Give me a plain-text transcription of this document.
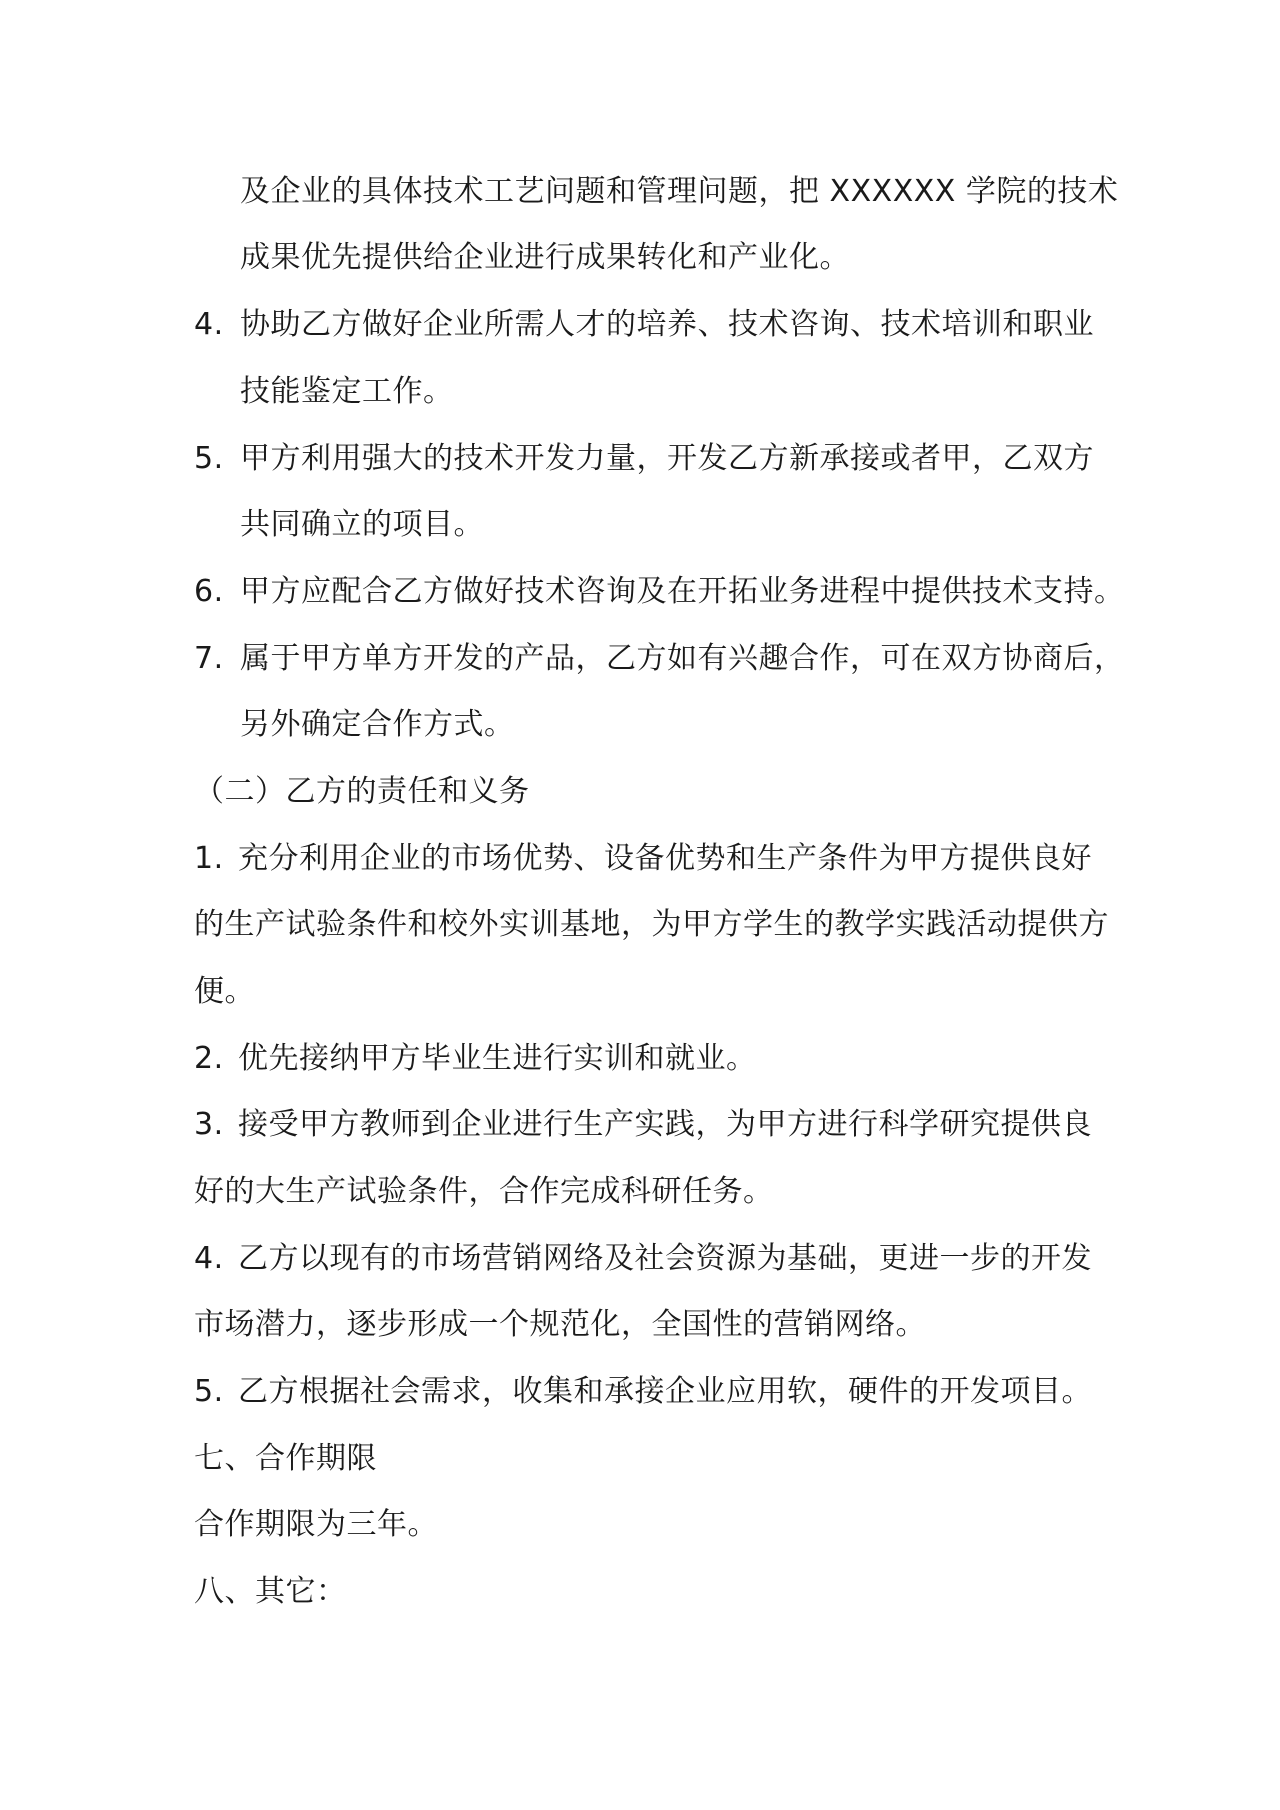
及企业的具体技术工艺问题和管理问题，把 XXXXXX 学院的技术
成果优先提供给企业进行成果转化和产业化。
4. 协助乙方做好企业所需人才的培养、技术咨询、技术培训和职业
技能鉴定工作。
5. 甲方利用强大的技术开发力量，开发乙方新承接或者甲，乙双方
共同确立的项目。
6. 甲方应配合乙方做好技术咨询及在开拓业务进程中提供技术支持。
7. 属于甲方单方开发的产品，乙方如有兴趣合作，可在双方协商后，
另外确定合作方式。
（二）乙方的责任和义务
1. 充分利用企业的市场优势、设备优势和生产条件为甲方提供良好
的生产试验条件和校外实训基地，为甲方学生的教学实践活动提供方
便。
2. 优先接纳甲方毕业生进行实训和就业。
3. 接受甲方教师到企业进行生产实践，为甲方进行科学研究提供良
好的大生产试验条件，合作完成科研任务。
4. 乙方以现有的市场营销网络及社会资源为基础，更进一步的开发
市场潜力，逐步形成一个规范化，全国性的营销网络。
5. 乙方根据社会需求，收集和承接企业应用软，硬件的开发项目。
七、合作期限
合作期限为三年。
八、其它：
